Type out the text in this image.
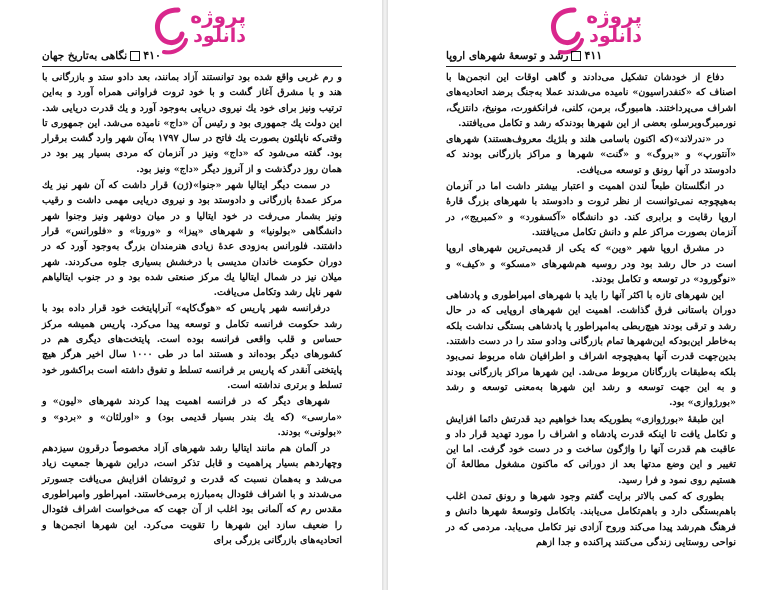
پروژه
دانلود
۴۱۰نگاهی به‌تاریخ جهان

و رم غربی واقع شده بود توانستند آزاد بمانند، بعد دادو ستد و بازرگانی با هند و با مشرق آغاز گشت و با خود ثروت فراوانی همراه آورد و به‌این ترتیب ونیز برای خود یك نیروی دریایی به‌وجود آورد و یك قدرت دریایی شد. این دولت یك جمهوری بود و رئیس آن «داج» نامیده می‌شد. این جمهوری تا وقتی‌که ناپلئون بصورت یك فاتح در سال ۱۷۹۷ به‌آن شهر وارد گشت برقرار بود. گفته می‌شود که «داج» ونیز در آنزمان که مردی بسیار پیر بود در همان روز درگذشت و از آنروز دیگر «داج» ونیز بود.

در سمت دیگر ایتالیا شهر «جنوا»(ژن) قرار داشت که آن شهر نیز یك مرکز عمدهٔ بازرگانی و دادوستد بود و نیروی دریایی مهمی داشت و رقیب ونیز بشمار می‌رفت در خود ایتالیا و در میان دوشهر ونیز وجنوا شهر دانشگاهی «بولونیا» و شهرهای «پیزا» و «ورونا» و «فلورانس» قرار داشتند. فلورانس به‌زودی عدهٔ زیادی هنرمندان بزرگ به‌وجود آورد که در دوران حکومت خاندان مدیسی با درخشش بسیاری جلوه می‌کردند. شهر میلان نیز در شمال ایتالیا یك مرکز صنعتی شده بود و در جنوب ایتالیاهم شهر ناپل رشد وتکامل می‌یافت.

درفرانسه شهر پاریس که «هوگ‌کاپه» آنراپایتخت خود قرار داده بود با رشد حکومت فرانسه تکامل و توسعه پیدا می‌کرد. پاریس همیشه مرکز حساس و قلب واقعی فرانسه بوده است. پایتخت‌های دیگری هم در کشورهای دیگر بوده‌اند و هستند اما در طی ۱۰۰۰ سال اخیر هرگز هیچ پایتختی آنقدر که پاریس بر فرانسه تسلط و تفوق داشته است براکشور خود تسلط و برتری نداشته است.

شهرهای دیگر که در فرانسه اهمیت پیدا کردند شهرهای «لیون» و «مارسی» (که یك بندر بسیار قدیمی بود) و «اورلئان» و «بردو» و «بولونی» بودند.

در آلمان هم مانند ایتالیا رشد شهرهای آزاد مخصوصاً درقرون سیزدهم وچهاردهم بسیار پراهمیت و قابل تذکر است، دراین شهرها جمعیت زیاد می‌شد و به‌همان نسبت که قدرت و ثروتشان افزایش می‌یافت جسورتر می‌شدند و با اشراف فئودال به‌مبارزه برمی‌خاستند. امپراطور وامپراطوری مقدس رم که آلمانی بود اغلب از آن جهت که می‌خواست اشراف فئودال را ضعیف سازد این شهرها را تقویت می‌کرد. این شهرها انجمن‌ها و اتحادیه‌های بازرگانی بزرگی برای

پروژه
دانلود
۴۱۱رشد و توسعهٔ شهرهای اروپا

دفاع از خودشان تشکیل می‌دادند و گاهی اوقات این انجمن‌ها با اصناف که «کنفدراسیون» نامیده می‌شدند عملا به‌جنگ برضد اتحادیه‌های اشراف می‌پرداختند. هامبورگ، برمن، کلنی، فرانکفورت، مونیخ، دانتزیگ، نورمبرگ‌وبرسلو، بعضی از این شهرها بودندکه رشد و تکامل می‌یافتند.

در «ندرلاند»(که اکنون باسامی هلند و بلژیك معروف‌هستند) شهرهای «آنتورپ» و «بروگ» و «گنت» شهرها و مراکز بازرگانی بودند که دادوستد در آنها رونق و توسعه می‌یافت.

در انگلستان طبعاً لندن اهمیت و اعتبار بیشتر داشت اما در آنزمان به‌هیچوجه نمی‌توانست از نظر ثروت و دادوستد با شهرهای بزرگ قارهٔ اروپا رقابت و برابری کند. دو دانشگاه «آکسفورد» و «کمبریج»، در آنزمان بصورت مراکز علم و دانش تکامل می‌یافتند.

در مشرق اروپا شهر «وین» که یکی از قدیمی‌ترین شهرهای اروپا است در حال رشد بود ودر روسیه هم‌شهرهای «مسکو» و «کیف» و «نوگورود» در توسعه و تکامل بودند.

این شهرهای تازه با اکثر آنها را باید با شهرهای امپراطوری و پادشاهی دوران باستانی فرق گذاشت. اهمیت این شهرهای اروپایی که در حال رشد و ترقی بودند هیچ‌ربطی به‌امپراطور یا پادشاهی بستگی نداشت بلکه به‌خاطر این‌بودکه این‌شهرها تمام بازرگانی ودادو ستد را در دست داشتند. بدین‌جهت قدرت آنها به‌هیچوجه اشراف و اطرافیان شاه مربوط نمی‌بود بلکه به‌طبقات بازرگانان مربوط می‌شد. این شهرها مراکز بازرگانی بودند و به این جهت توسعه و رشد این شهرها به‌معنی توسعه و رشد «بورژوازی» بود.

این طبقهٔ «بورژوازی» بطوریکه بعدا خواهیم دید قدرتش دائما افزایش و تکامل یافت تا اینکه قدرت پادشاه و اشراف را مورد تهدید قرار داد و عاقبت هم قدرت آنها را واژگون ساخت و در دست خود گرفت. اما این تغییر و این وضع مدتها بعد از دورانی که ماکنون مشغول مطالعهٔ آن هستیم روی نمود و فرا رسید.

بطوری که کمی بالاتر برایت گفتم وجود شهرها و رونق تمدن اغلب باهم‌بستگی دارد و باهم‌تکامل می‌یابند. باتکامل وتوسعهٔ شهرها دانش و فرهنگ هم‌رشد پیدا می‌کند وروح آزادی نیز تکامل می‌یابد. مردمی که در نواحی روستایی زندگی می‌کنند پراکنده و جدا ازهم
